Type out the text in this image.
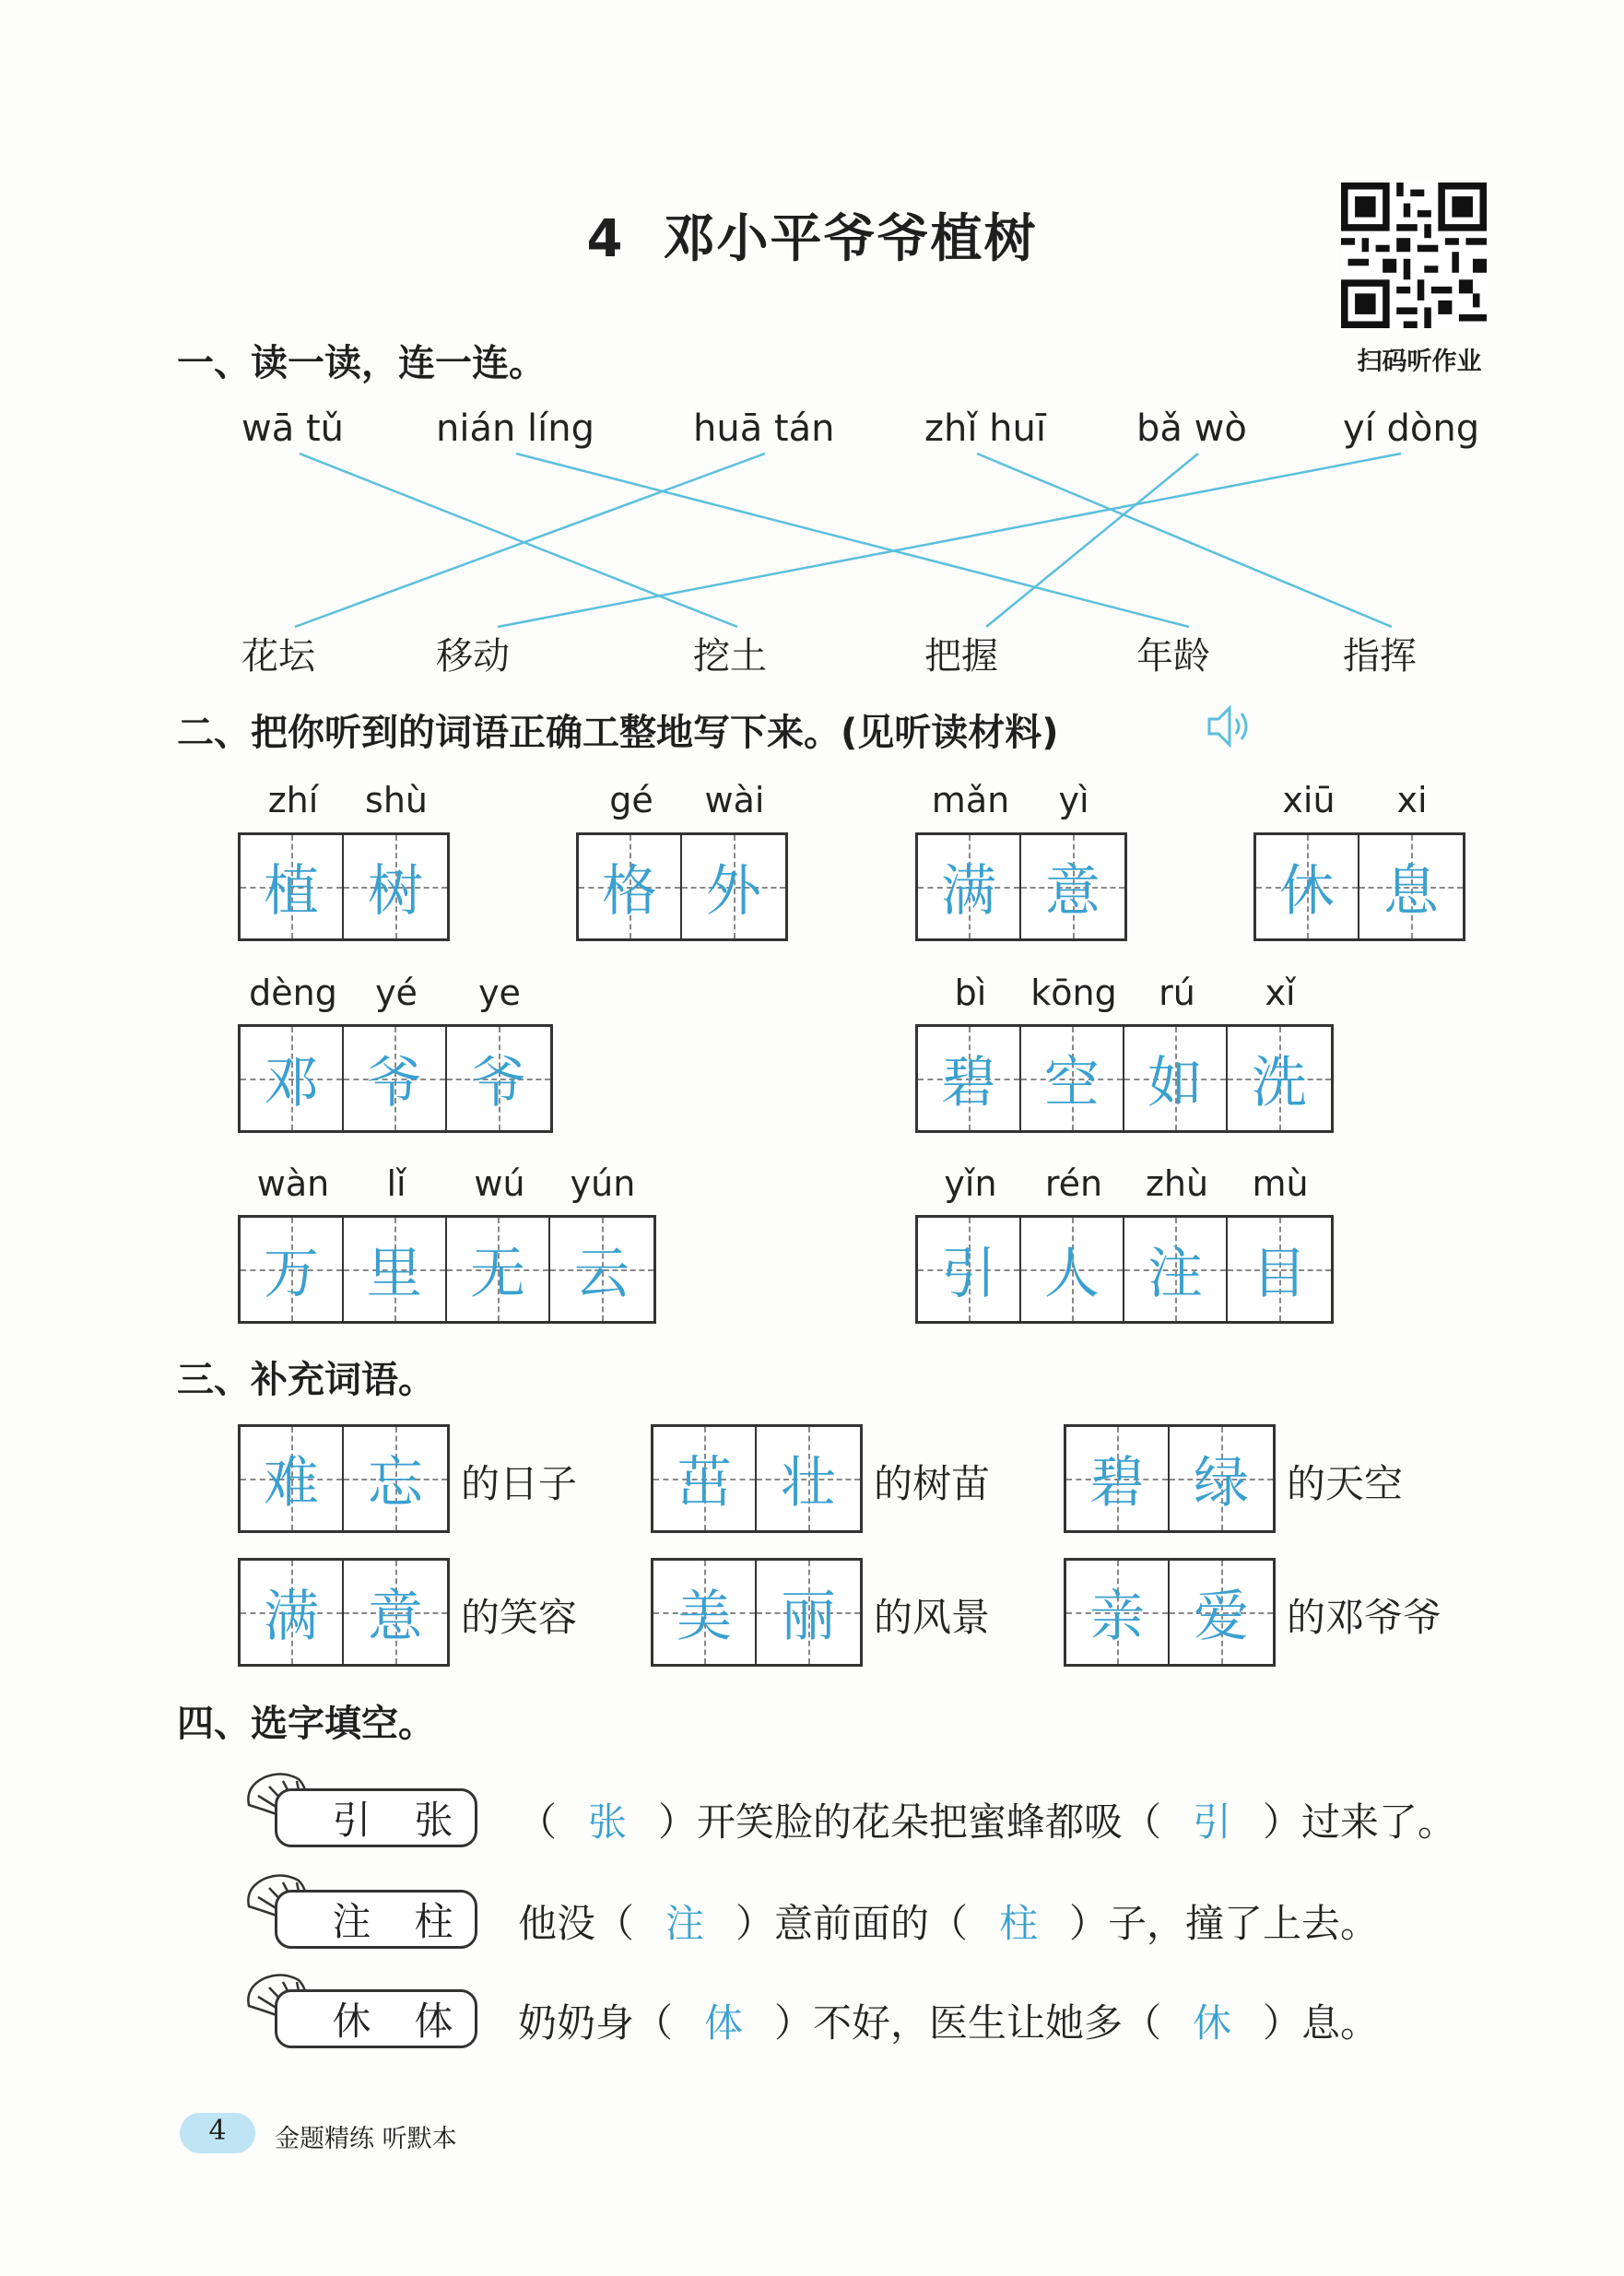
4 邓小平爷爷植树
扫码听作业
一、读一读，连一连。
wā tǔ	nián líng	huā tán zhǐ huī bǎ wò	yí dòng
花坛	移动	挖土	把握	年龄	指挥
二、把你听到的词语正确工整地写下来。(见听读材料)
zhí	shù
植 树
gé	wài
格 外
mǎn	yì
满 意
xiū	xi
休 息
dèng	yé	ye
邓 爷 爷
bì	kōng	rú	xǐ
碧 空 如 洗
wàn	lǐ	wú	yún
万 里 无 云
yǐn	rén	zhù	mù
引 人 注 目
三、补充词语。
难 忘 的日子 茁 壮 的树苗 碧 绿 的天空
满 意 的笑容 美 丽 的风景 亲 爱 的邓爷爷
四、选字填空。
引 张 （ 张 ）开笑脸的花朵把蜜蜂都吸（ 引 ）过来了。
注 柱 他没（ 注 ）意前面的（ 柱 ）子，撞了上去。
休 体 奶奶身（ 体 ）不好，医生让她多（ 休 ）息。
4	金题精练 听默本
